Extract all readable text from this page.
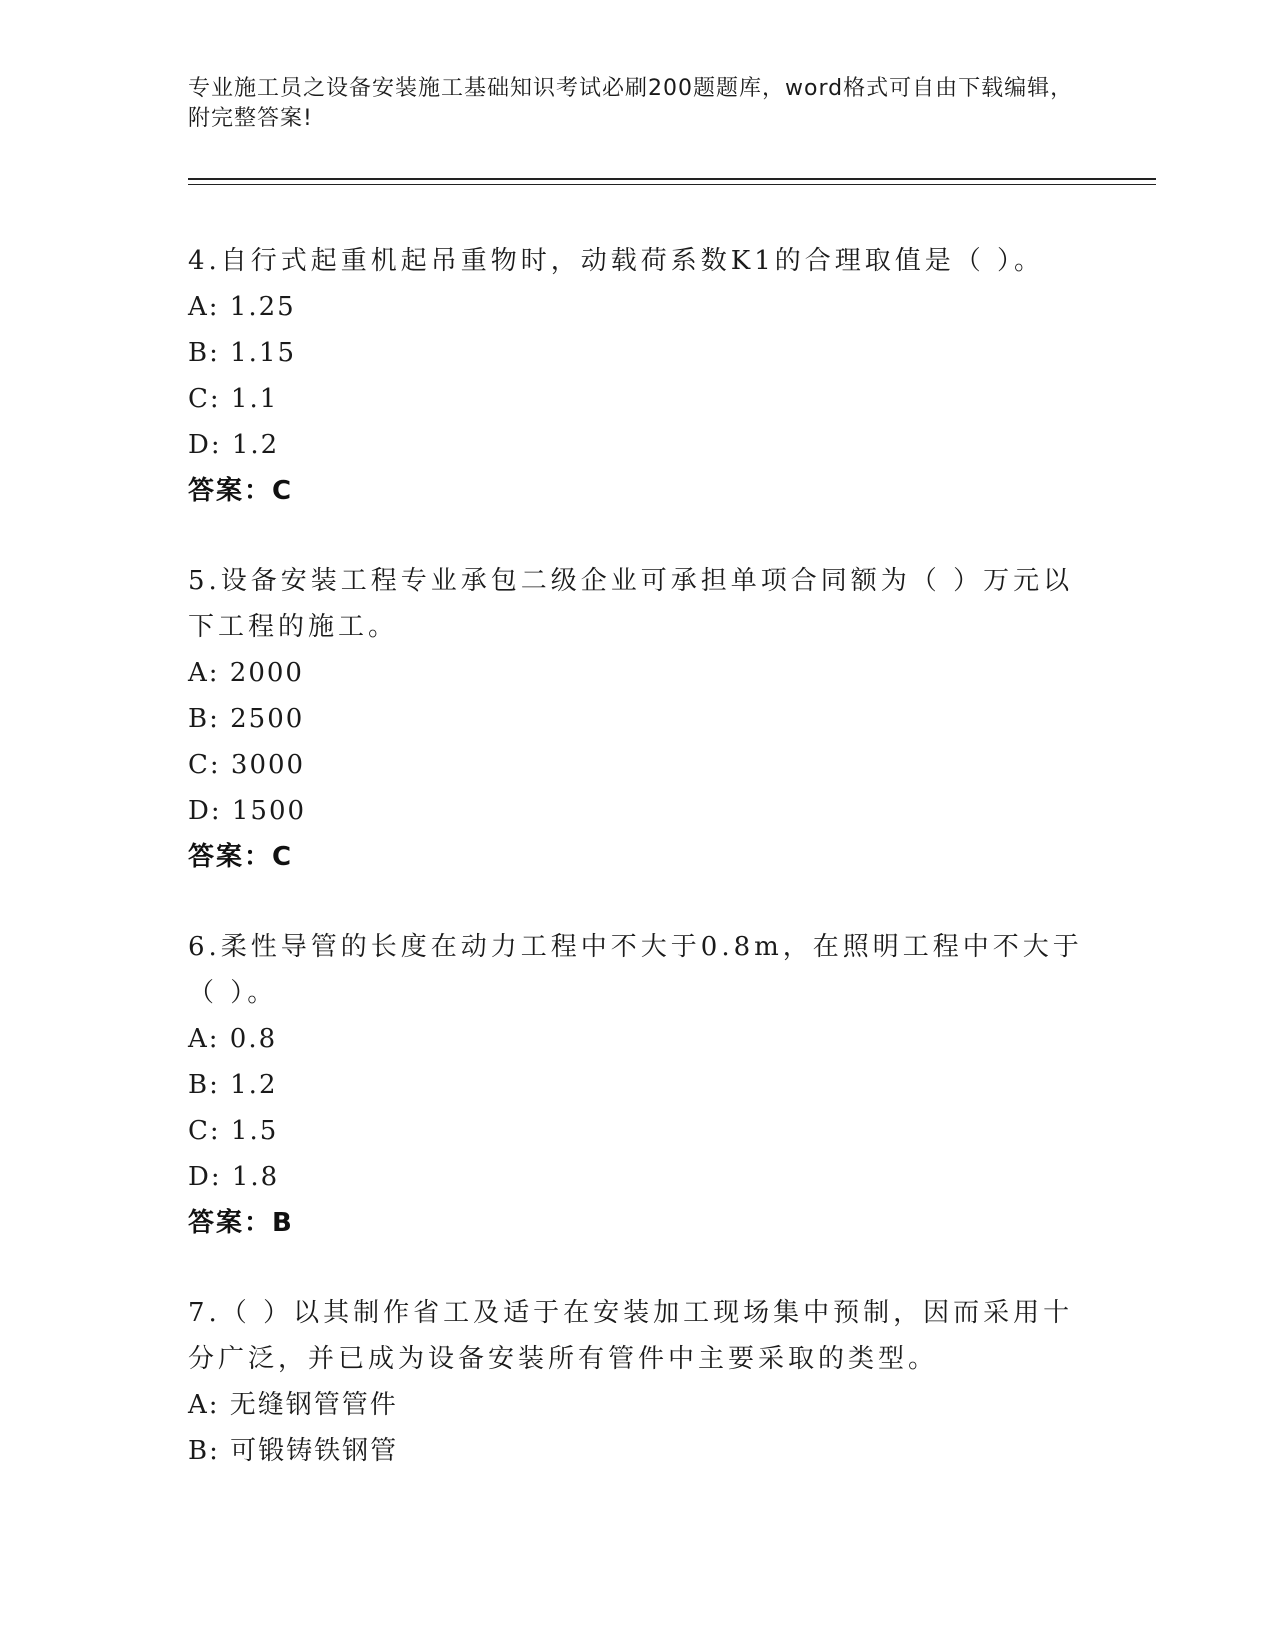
专业施工员之设备安装施工基础知识考试必刷200题题库，word格式可自由下载编辑，附完整答案!
4.自行式起重机起吊重物时，动载荷系数K1的合理取值是（ ）。
A: 1.25
B: 1.15
C: 1.1
D: 1.2
答案：C
5.设备安装工程专业承包二级企业可承担单项合同额为（ ）万元以下工程的施工。
A: 2000
B: 2500
C: 3000
D: 1500
答案：C
6.柔性导管的长度在动力工程中不大于0.8m，在照明工程中不大于（ ）。
A: 0.8
B: 1.2
C: 1.5
D: 1.8
答案：B
7.（ ）以其制作省工及适于在安装加工现场集中预制，因而采用十分广泛，并已成为设备安装所有管件中主要采取的类型。
A: 无缝钢管管件
B: 可锻铸铁钢管
